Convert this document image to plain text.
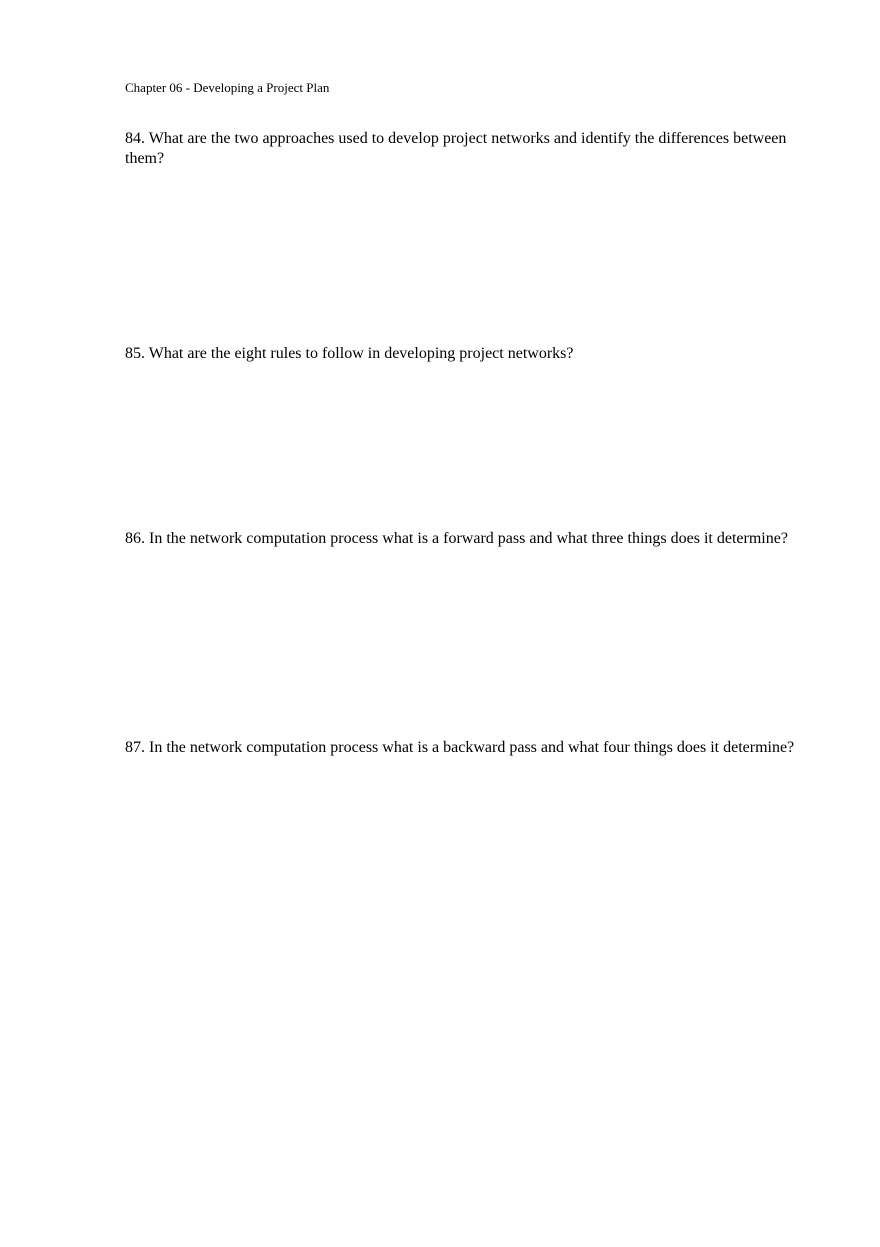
Chapter 06 - Developing a Project Plan
84. What are the two approaches used to develop project networks and identify the differences between them?
85. What are the eight rules to follow in developing project networks?
86. In the network computation process what is a forward pass and what three things does it determine?
87. In the network computation process what is a backward pass and what four things does it determine?
